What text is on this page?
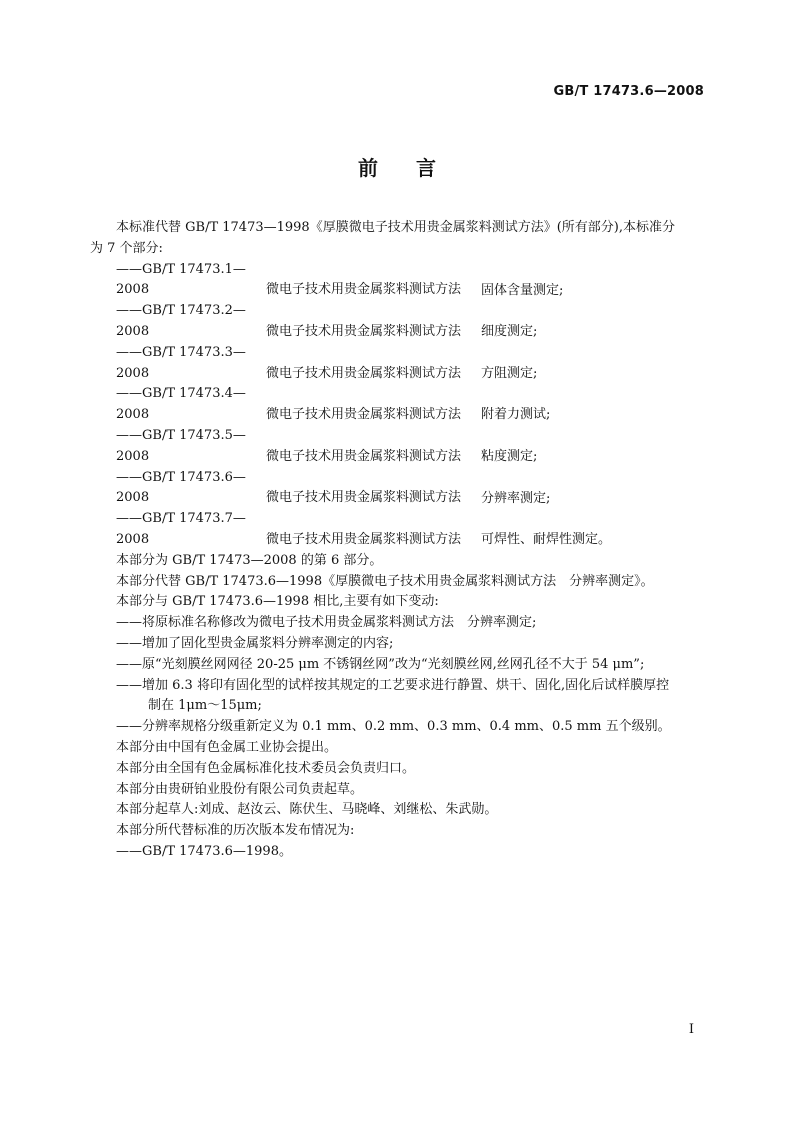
GB/T 17473.6—2008
前 言

本标准代替 GB/T 17473—1998《厚膜微电子技术用贵金属浆料测试方法》(所有部分),本标准分

为 7 个部分:

——GB/T 17473.1—2008	微电子技术用贵金属浆料测试方法 固体含量测定;
——GB/T 17473.2—2008	微电子技术用贵金属浆料测试方法 细度测定;
——GB/T 17473.3—2008	微电子技术用贵金属浆料测试方法 方阻测定;
——GB/T 17473.4—2008	微电子技术用贵金属浆料测试方法 附着力测试;
——GB/T 17473.5—2008	微电子技术用贵金属浆料测试方法 粘度测定;
——GB/T 17473.6—2008	微电子技术用贵金属浆料测试方法 分辨率测定;
——GB/T 17473.7—2008	微电子技术用贵金属浆料测试方法 可焊性、耐焊性测定。

本部分为 GB/T 17473—2008 的第 6 部分。

本部分代替 GB/T 17473.6—1998《厚膜微电子技术用贵金属浆料测试方法　分辨率测定》。

本部分与 GB/T 17473.6—1998 相比,主要有如下变动:

——将原标准名称修改为微电子技术用贵金属浆料测试方法　分辨率测定;

——增加了固化型贵金属浆料分辨率测定的内容;

——原“光刻膜丝网网径 20-25 μm 不锈钢丝网”改为“光刻膜丝网,丝网孔径不大于 54 μm”;

——增加 6.3 将印有固化型的试样按其规定的工艺要求进行静置、烘干、固化,固化后试样膜厚控

制在 1μm～15μm;

——分辨率规格分级重新定义为 0.1 mm、0.2 mm、0.3 mm、0.4 mm、0.5 mm 五个级别。

本部分由中国有色金属工业协会提出。

本部分由全国有色金属标准化技术委员会负责归口。

本部分由贵研铂业股份有限公司负责起草。

本部分起草人:刘成、赵汝云、陈伏生、马晓峰、刘继松、朱武勋。

本部分所代替标准的历次版本发布情况为:

——GB/T 17473.6—1998。

I
